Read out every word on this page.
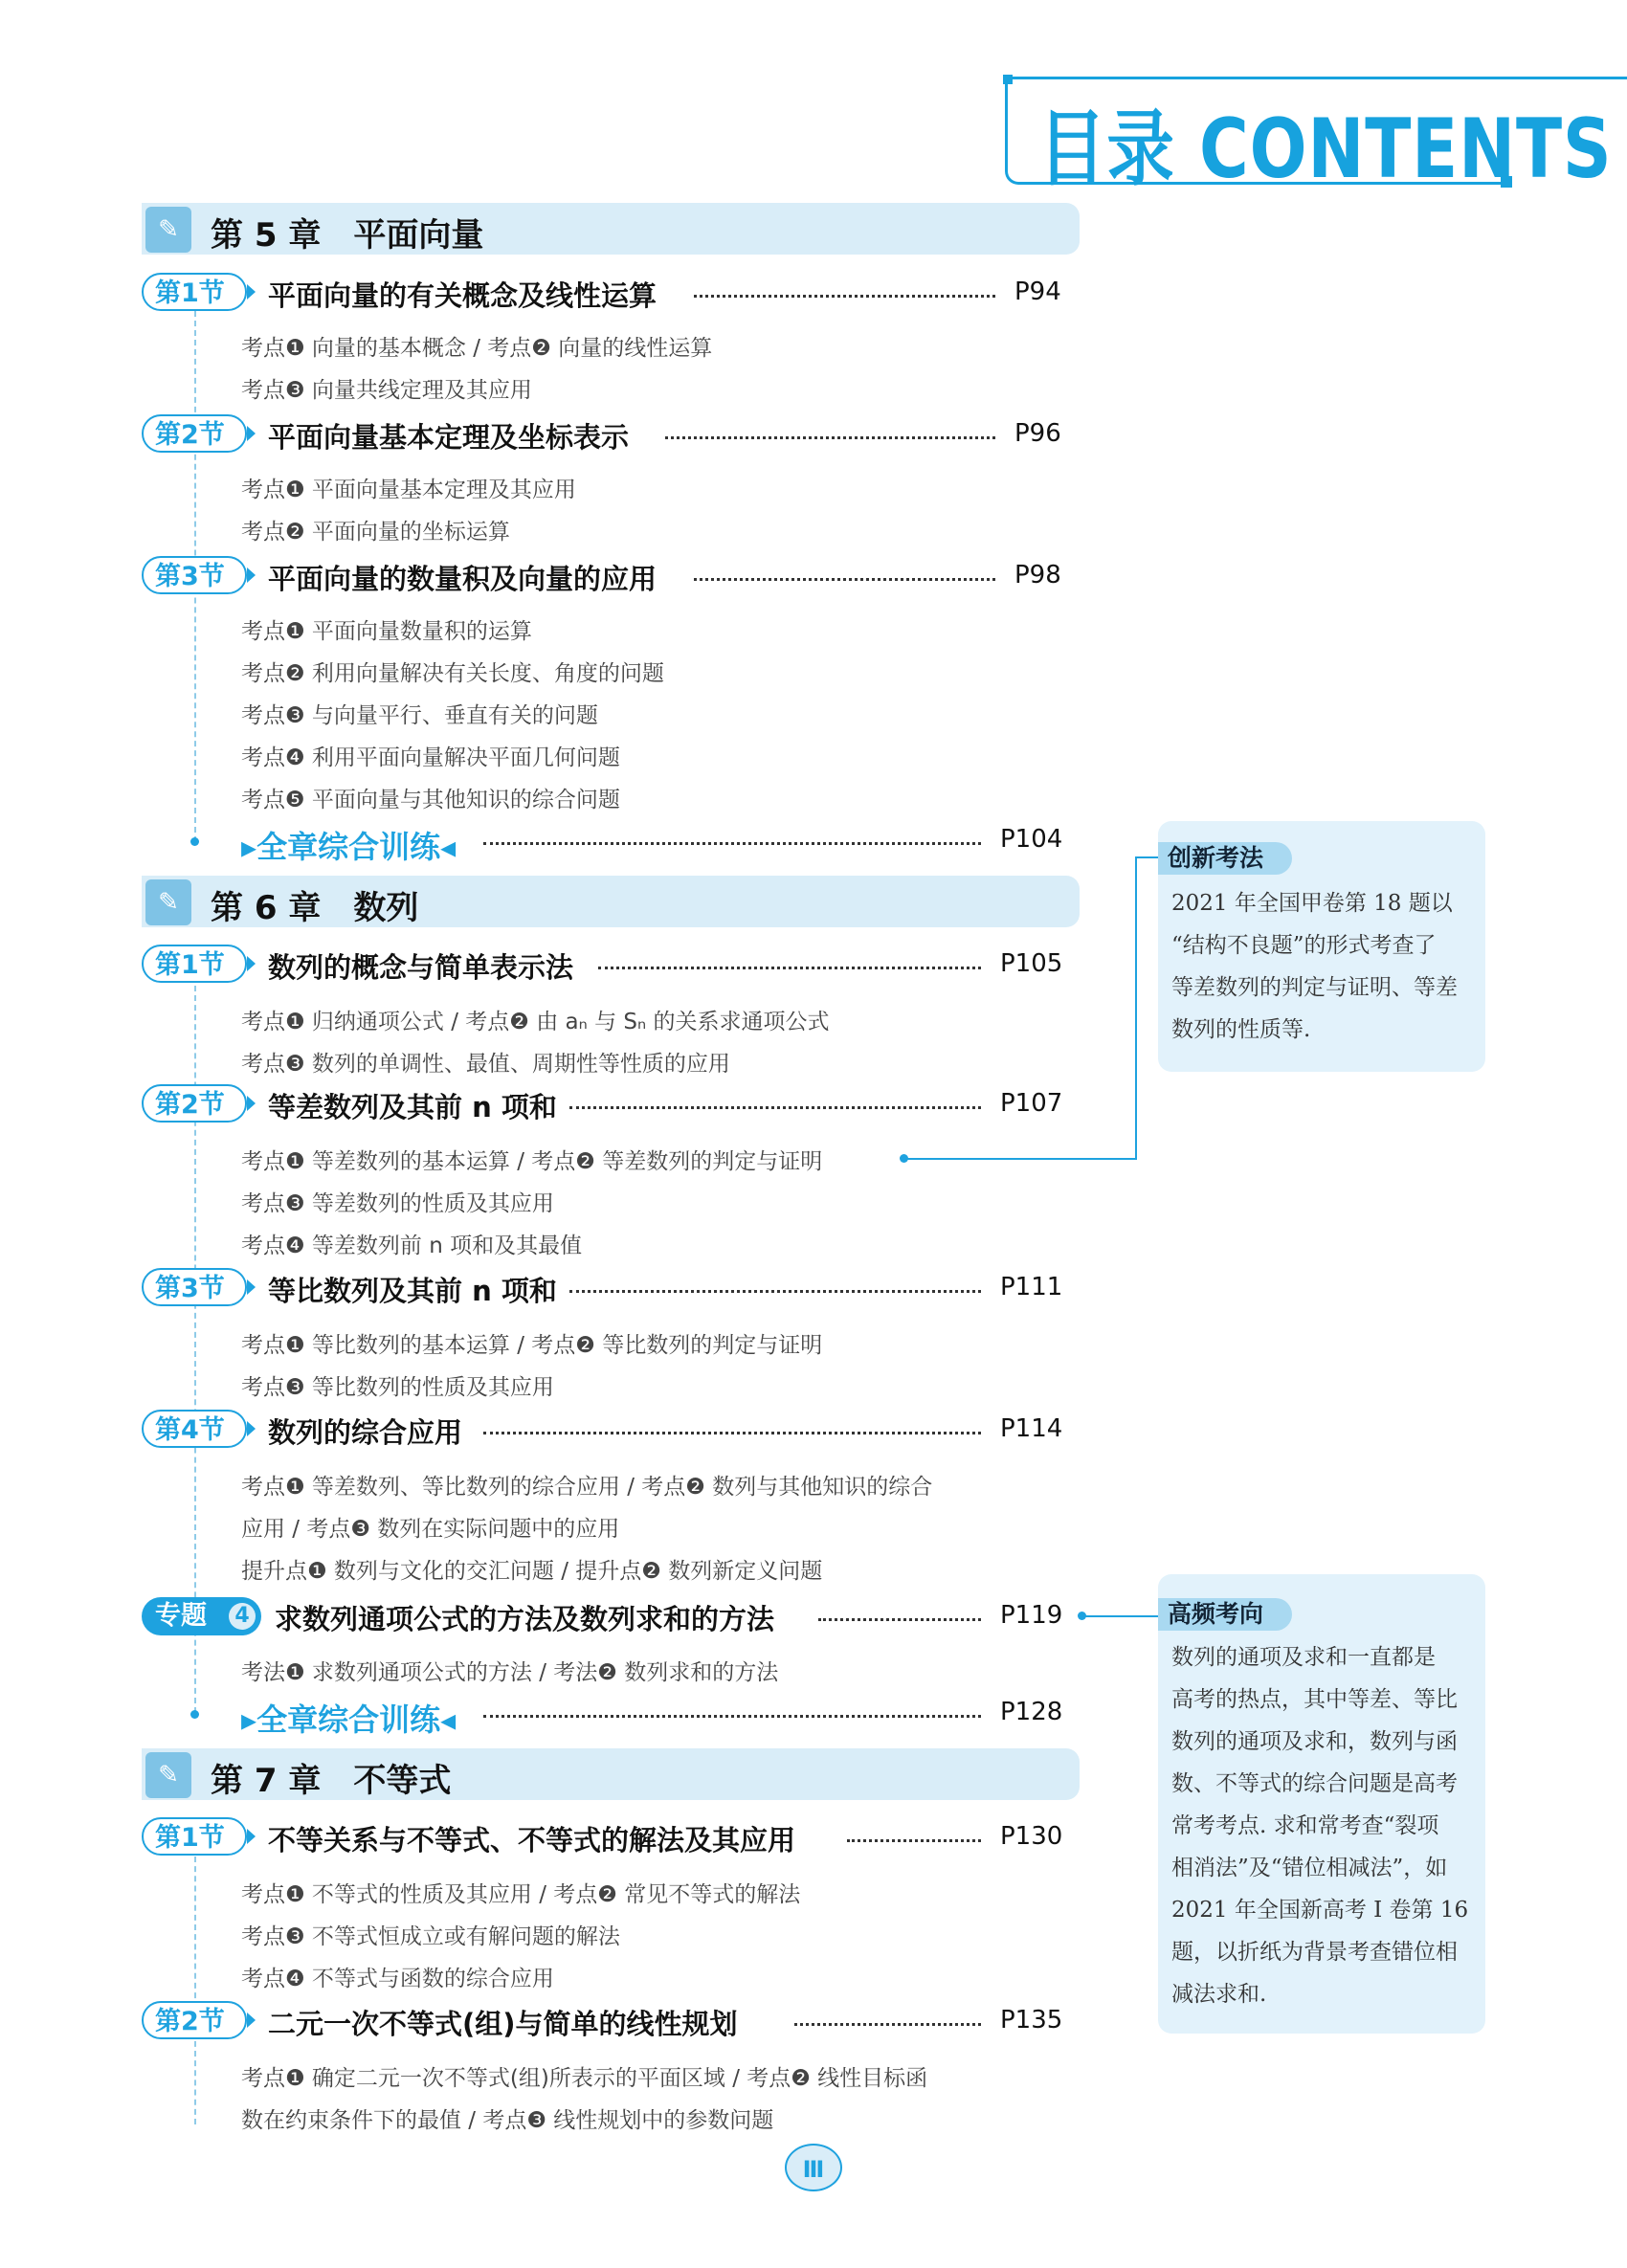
目录 CONTENTS
✎ 第 5 章　平面向量
第1节	平面向量的有关概念及线性运算	P94
考点❶ 向量的基本概念 / 考点❷ 向量的线性运算
考点❸ 向量共线定理及其应用
第2节	平面向量基本定理及坐标表示	P96
考点❶ 平面向量基本定理及其应用
考点❷ 平面向量的坐标运算
第3节	平面向量的数量积及向量的应用	P98
考点❶ 平面向量数量积的运算
考点❷ 利用向量解决有关长度、角度的问题
考点❸ 与向量平行、垂直有关的问题
考点❹ 利用平面向量解决平面几何问题
考点❺ 平面向量与其他知识的综合问题
▸全章综合训练◂	P104
✎ 第 6 章　数列
第1节	数列的概念与简单表示法	P105
考点❶ 归纳通项公式 / 考点❷ 由 aₙ 与 Sₙ 的关系求通项公式
考点❸ 数列的单调性、最值、周期性等性质的应用
第2节	等差数列及其前 n 项和	P107
考点❶ 等差数列的基本运算 / 考点❷ 等差数列的判定与证明
考点❸ 等差数列的性质及其应用
考点❹ 等差数列前 n 项和及其最值
第3节	等比数列及其前 n 项和	P111
考点❶ 等比数列的基本运算 / 考点❷ 等比数列的判定与证明
考点❸ 等比数列的性质及其应用
第4节	数列的综合应用	P114
考点❶ 等差数列、等比数列的综合应用 / 考点❷ 数列与其他知识的综合
应用 / 考点❸ 数列在实际问题中的应用
提升点❶ 数列与文化的交汇问题 / 提升点❷ 数列新定义问题
专题 4 求数列通项公式的方法及数列求和的方法	P119
考法❶ 求数列通项公式的方法 / 考法❷ 数列求和的方法
▸全章综合训练◂	P128
✎ 第 7 章　不等式
第1节	不等关系与不等式、不等式的解法及其应用	P130
考点❶ 不等式的性质及其应用 / 考点❷ 常见不等式的解法
考点❸ 不等式恒成立或有解问题的解法
考点❹ 不等式与函数的综合应用
第2节	二元一次不等式(组)与简单的线性规划	P135
考点❶ 确定二元一次不等式(组)所表示的平面区域 / 考点❷ 线性目标函
数在约束条件下的最值 / 考点❸ 线性规划中的参数问题
创新考法
2021 年全国甲卷第 18 题以
“结构不良题”的形式考查了
等差数列的判定与证明、等差
数列的性质等.
高频考向
数列的通项及求和一直都是
高考的热点，其中等差、等比
数列的通项及求和，数列与函
数、不等式的综合问题是高考
常考考点. 求和常考查“裂项
相消法”及“错位相减法”，如
2021 年全国新高考 Ⅰ 卷第 16
题，以折纸为背景考查错位相
减法求和.
Ⅲ
